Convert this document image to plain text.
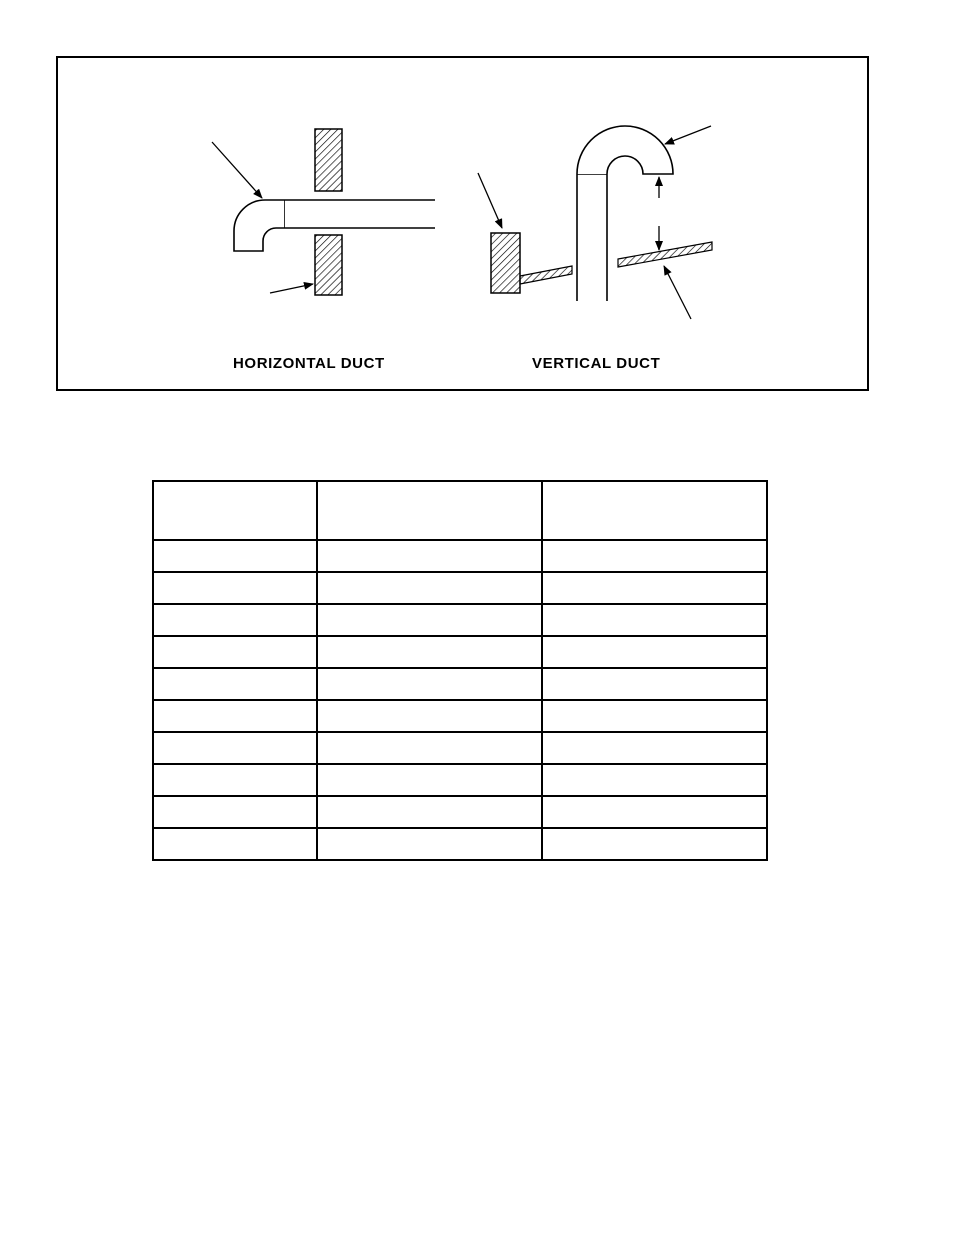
HORIZONTAL DUCT	VERTICAL DUCT
